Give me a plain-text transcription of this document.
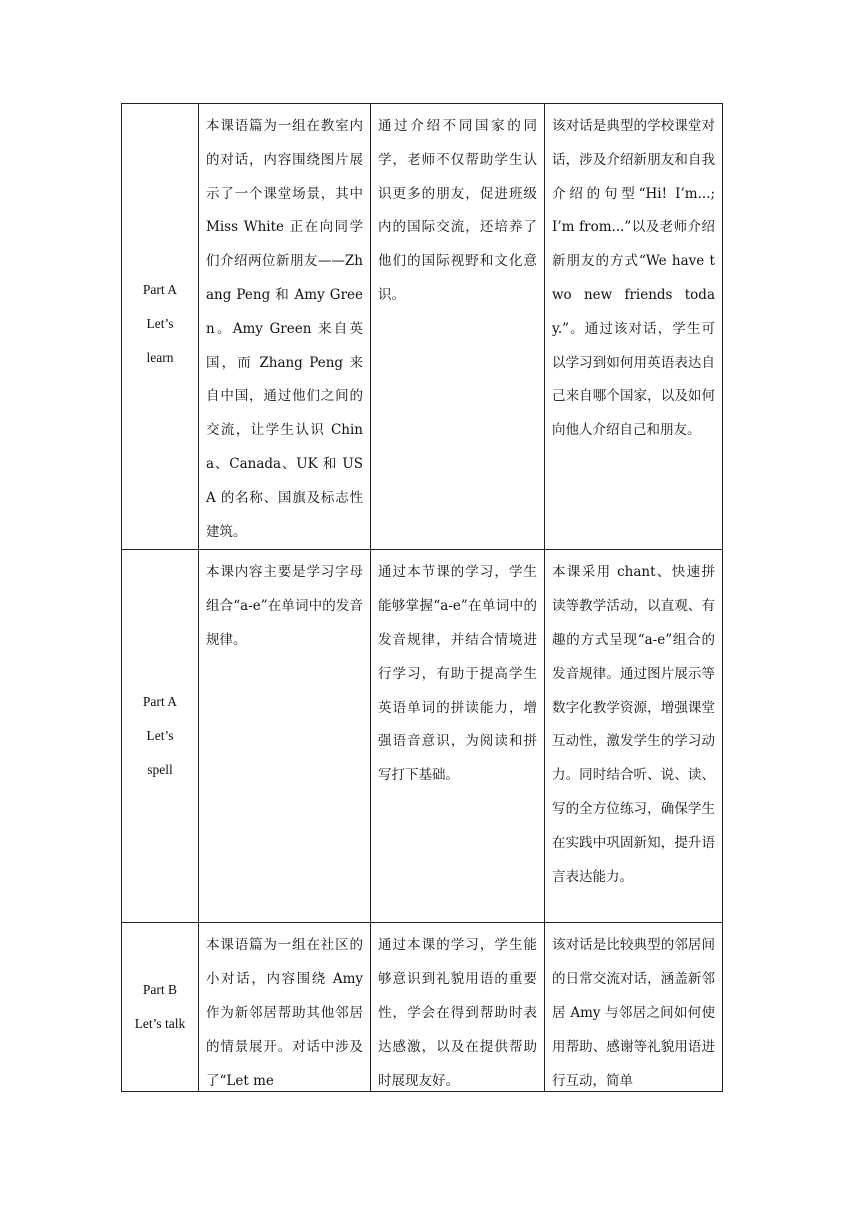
Part A
Let’s
learn	本课语篇为一组在教室内的对话，内容围绕图片展示了一个课堂场景，其中 Miss White 正在向同学们介绍两位新朋友——Zhang Peng 和 Amy Green。Amy Green 来自英国，而 Zhang Peng 来自中国，通过他们之间的交流，让学生认识 China、Canada、UK 和 USA 的名称、国旗及标志性建筑。	通过介绍不同国家的同学，老师不仅帮助学生认识更多的朋友，促进班级内的国际交流，还培养了他们的国际视野和文化意识。	该对话是典型的学校课堂对话，涉及介绍新朋友和自我介绍的句型“Hi! I’m...; I’m from...”以及老师介绍新朋友的方式“We have two new friends today.”。通过该对话，学生可以学习到如何用英语表达自己来自哪个国家，以及如何向他人介绍自己和朋友。

Part A
Let’s
spell	本课内容主要是学习字母组合“a-e”在单词中的发音规律。	通过本节课的学习，学生能够掌握“a-e”在单词中的发音规律，并结合情境进行学习，有助于提高学生英语单词的拼读能力，增强语音意识，为阅读和拼写打下基础。	本课采用 chant、快速拼读等教学活动，以直观、有趣的方式呈现“a-e”组合的发音规律。通过图片展示等数字化教学资源，增强课堂互动性，激发学生的学习动力。同时结合听、说、读、写的全方位练习，确保学生在实践中巩固新知，提升语言表达能力。

Part B
Let’s talk	本课语篇为一组在社区的小对话，内容围绕 Amy 作为新邻居帮助其他邻居的情景展开。对话中涉及了“Let me	通过本课的学习，学生能够意识到礼貌用语的重要性，学会在得到帮助时表达感激，以及在提供帮助时展现友好。	该对话是比较典型的邻居间的日常交流对话，涵盖新邻居 Amy 与邻居之间如何使用帮助、感谢等礼貌用语进行互动，简单
